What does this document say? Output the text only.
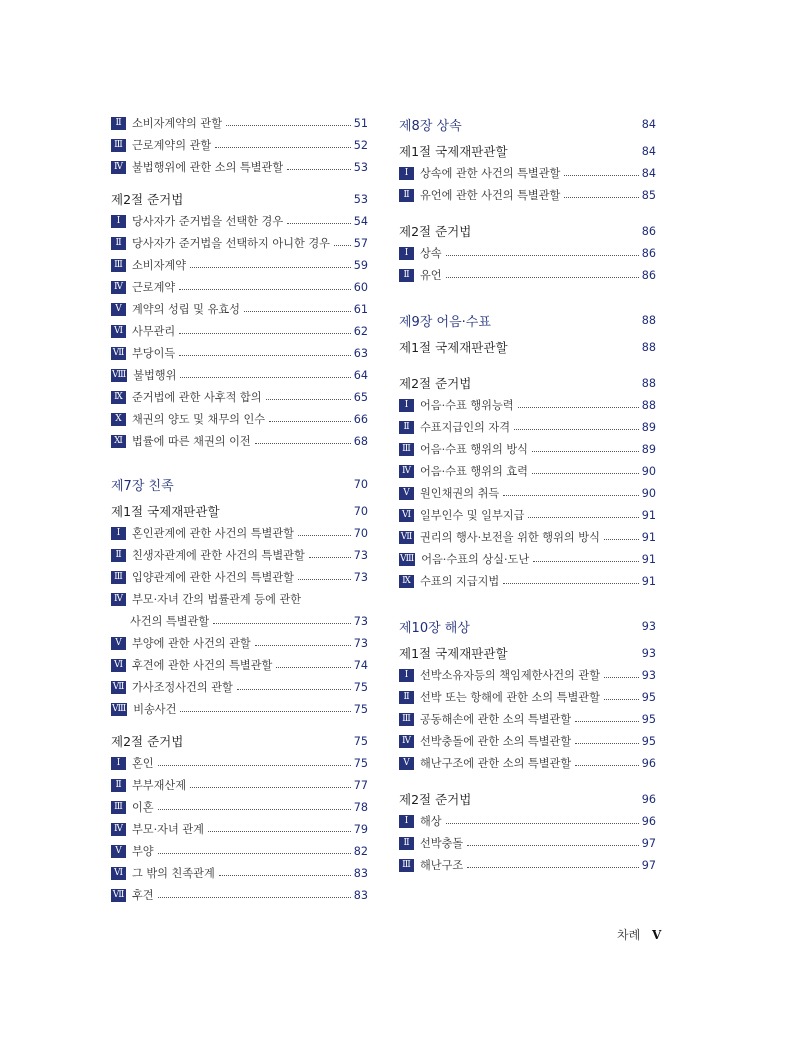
Ⅱ 소비자계약의 관할	51
Ⅲ 근로계약의 관할	52
Ⅳ 불법행위에 관한 소의 특별관할	53
제2절 준거법	53
Ⅰ	당사자가 준거법을 선택한 경우	54
Ⅱ 당사자가 준거법을 선택하지 아니한 경우 57
Ⅲ 소비자계약	59
Ⅳ 근로계약	60
Ⅴ 계약의 성립 및 유효성	61
Ⅵ 사무관리	62
Ⅶ 부당이득	63
Ⅷ 불법행위	64
Ⅸ 준거법에 관한 사후적 합의	65
Ⅹ 채권의 양도 및 채무의 인수	66
Ⅺ 법률에 따른 채권의 이전	68
제7장 친족	70
제1절 국제재판관할	70
Ⅰ	혼인관계에 관한 사건의 특별관할	70
Ⅱ 친생자관계에 관한 사건의 특별관할	73
Ⅲ 입양관계에 관한 사건의 특별관할	73
Ⅳ 부모·자녀 간의 법률관계 등에 관한
사건의 특별관할	73
Ⅴ 부양에 관한 사건의 관할	73
Ⅵ 후견에 관한 사건의 특별관할	74
Ⅶ 가사조정사건의 관할	75
Ⅷ 비송사건	75
제2절 준거법	75
Ⅰ	혼인	75
Ⅱ 부부재산제	77
Ⅲ 이혼	78
Ⅳ 부모·자녀 관계	79
Ⅴ 부양	82
Ⅵ 그 밖의 친족관계	83
Ⅶ 후견	83
제8장 상속	84
제1절 국제재판관할	84
Ⅰ	상속에 관한 사건의 특별관할	84
Ⅱ 유언에 관한 사건의 특별관할	85
제2절 준거법	86
Ⅰ	상속	86
Ⅱ 유언	86
제9장 어음·수표	88
제1절 국제재판관할	88
제2절 준거법	88
Ⅰ	어음·수표 행위능력	88
Ⅱ 수표지급인의 자격	89
Ⅲ 어음·수표 행위의 방식	89
Ⅳ 어음·수표 행위의 효력	90
Ⅴ 원인채권의 취득	90
Ⅵ 일부인수 및 일부지급	91
Ⅶ 권리의 행사·보전을 위한 행위의 방식	91
Ⅷ 어음·수표의 상실·도난	91
Ⅸ 수표의 지급지법	91
제10장 해상	93
제1절 국제재판관할	93
Ⅰ	선박소유자등의 책임제한사건의 관할	93
Ⅱ 선박 또는 항해에 관한 소의 특별관할	95
Ⅲ 공동해손에 관한 소의 특별관할	95
Ⅳ 선박충돌에 관한 소의 특별관할	95
Ⅴ 해난구조에 관한 소의 특별관할	96
제2절 준거법	96
Ⅰ	해상	96
Ⅱ 선박충돌	97
Ⅲ 해난구조	97
차례 V
